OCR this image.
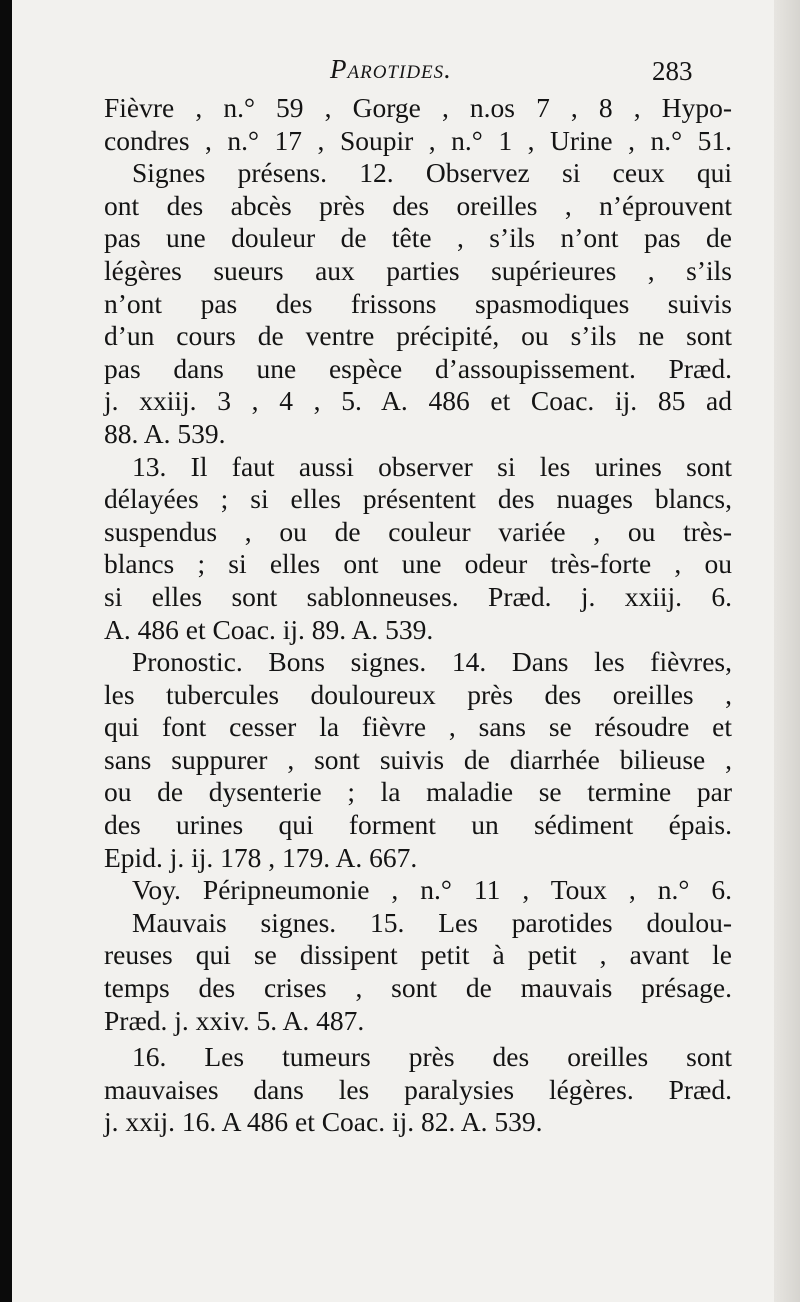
Parotides.	283
Fièvre , n.° 59 , Gorge , n.os 7 , 8 , Hypo-
condres , n.° 17 , Soupir , n.° 1 , Urine , n.° 51.
Signes présens. 12. Observez si ceux qui
ont des abcès près des oreilles , n’éprouvent
pas une douleur de tête , s’ils n’ont pas de
légères sueurs aux parties supérieures , s’ils
n’ont pas des frissons spasmodiques suivis
d’un cours de ventre précipité, ou s’ils ne sont
pas dans une espèce d’assoupissement. Præd.
j. xxiij. 3 , 4 , 5. A. 486 et Coac. ij. 85 ad
88. A. 539.
13. Il faut aussi observer si les urines sont
délayées ; si elles présentent des nuages blancs,
suspendus , ou de couleur variée , ou très-
blancs ; si elles ont une odeur très-forte , ou
si elles sont sablonneuses. Præd. j. xxiij. 6.
A. 486 et Coac. ij. 89. A. 539.
Pronostic. Bons signes. 14. Dans les fièvres,
les tubercules douloureux près des oreilles ,
qui font cesser la fièvre , sans se résoudre et
sans suppurer , sont suivis de diarrhée bilieuse ,
ou de dysenterie ; la maladie se termine par
des urines qui forment un sédiment épais.
Epid. j. ij. 178 , 179. A. 667.
Voy. Péripneumonie , n.° 11 , Toux , n.° 6.
Mauvais signes. 15. Les parotides doulou-
reuses qui se dissipent petit à petit , avant le
temps des crises , sont de mauvais présage.
Præd. j. xxiv. 5. A. 487.
16. Les tumeurs près des oreilles sont
mauvaises dans les paralysies légères. Præd.
j. xxij. 16. A 486 et Coac. ij. 82. A. 539.
